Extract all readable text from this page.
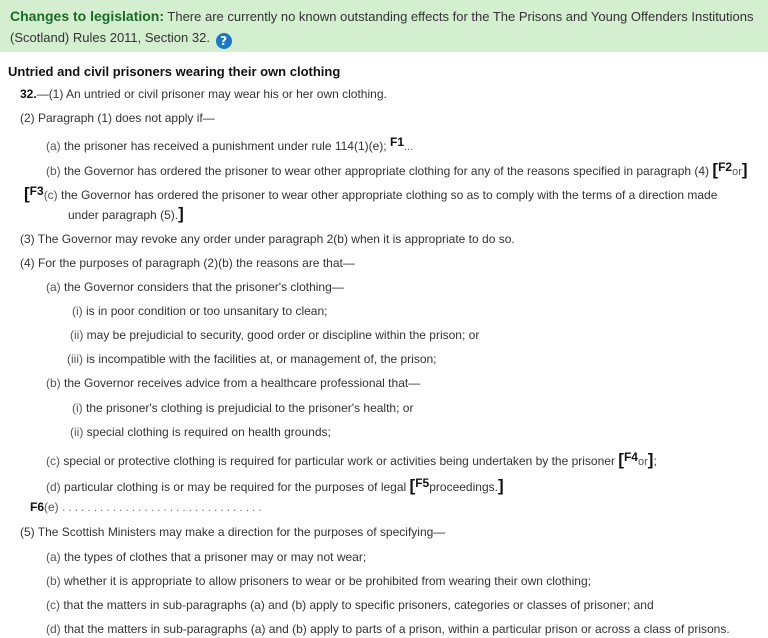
Changes to legislation: There are currently no known outstanding effects for the The Prisons and Young Offenders Institutions (Scotland) Rules 2011, Section 32. ?
Untried and civil prisoners wearing their own clothing
32.—(1) An untried or civil prisoner may wear his or her own clothing.
(2) Paragraph (1) does not apply if—
(a) the prisoner has received a punishment under rule 114(1)(e); F1...
(b) the Governor has ordered the prisoner to wear other appropriate clothing for any of the reasons specified in paragraph (4) [F2or]
[F3(c) the Governor has ordered the prisoner to wear other appropriate clothing so as to comply with the terms of a direction made
under paragraph (5).]
(3) The Governor may revoke any order under paragraph 2(b) when it is appropriate to do so.
(4) For the purposes of paragraph (2)(b) the reasons are that—
(a) the Governor considers that the prisoner's clothing—
(i) is in poor condition or too unsanitary to clean;
(ii) may be prejudicial to security, good order or discipline within the prison; or
(iii) is incompatible with the facilities at, or management of, the prison;
(b) the Governor receives advice from a healthcare professional that—
(i) the prisoner's clothing is prejudicial to the prisoner's health; or
(ii) special clothing is required on health grounds;
(c) special or protective clothing is required for particular work or activities being undertaken by the prisoner [F4or];
(d) particular clothing is or may be required for the purposes of legal [F5proceedings.]
F6(e) ................................
(5) The Scottish Ministers may make a direction for the purposes of specifying—
(a) the types of clothes that a prisoner may or may not wear;
(b) whether it is appropriate to allow prisoners to wear or be prohibited from wearing their own clothing;
(c) that the matters in sub-paragraphs (a) and (b) apply to specific prisoners, categories or classes of prisoner; and
(d) that the matters in sub-paragraphs (a) and (b) apply to parts of a prison, within a particular prison or across a class of prisons.
